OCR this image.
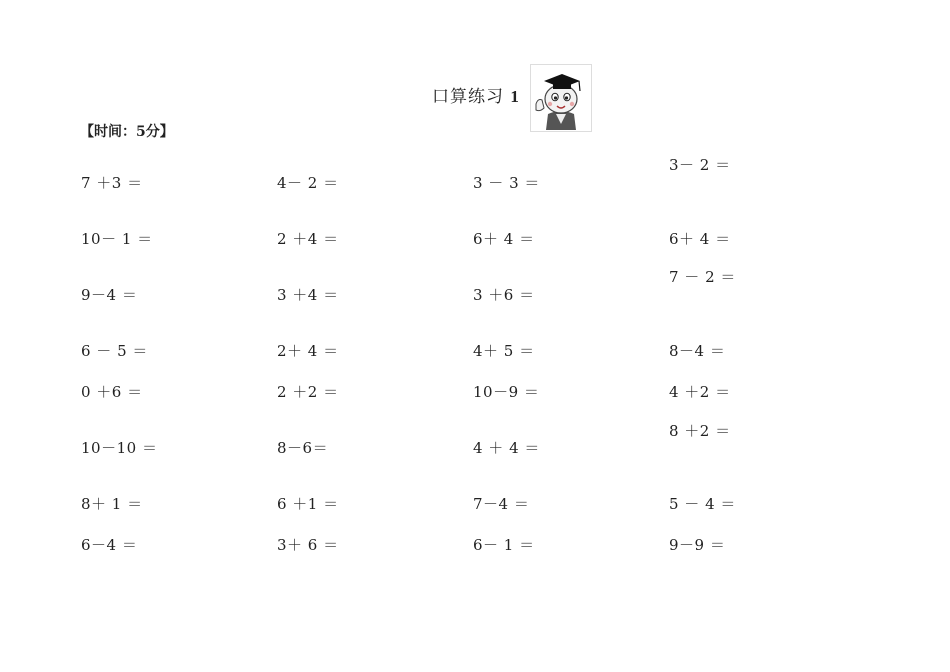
口算练习 1
【时间：5分】
7 ＋3 ＝
10－ 1 ＝
9－4 ＝
6 － 5 ＝
0 ＋6 ＝
10－10 ＝
8＋ 1 ＝
6－4 ＝
4－ 2 ＝
2 ＋4 ＝
3 ＋4 ＝
2＋ 4 ＝
2 ＋2 ＝
8－6＝
6 ＋1 ＝
3＋ 6 ＝
3 － 3 ＝
6＋ 4 ＝
3 ＋6 ＝
4＋ 5 ＝
10－9 ＝
4 ＋ 4 ＝
7－4 ＝
6－ 1 ＝
3－ 2 ＝
6＋ 4 ＝
7 － 2 ＝
8－4 ＝
4 ＋2 ＝
8 ＋2 ＝
5 － 4 ＝
9－9 ＝
